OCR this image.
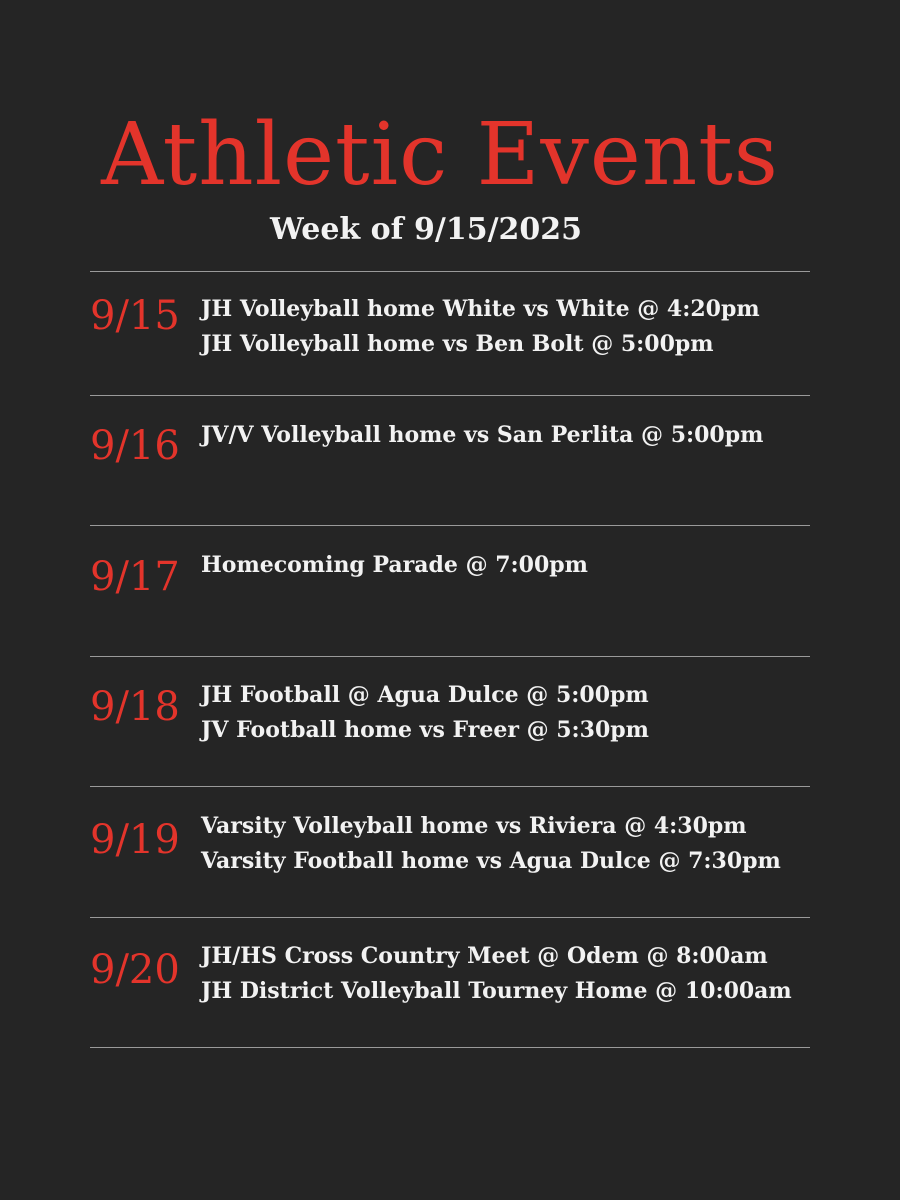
Athletic Events
Week of 9/15/2025
9/15 JH Volleyball home White vs White @ 4:20pm
JH Volleyball home vs Ben Bolt @ 5:00pm
9/16 JV/V Volleyball home vs San Perlita @ 5:00pm
9/17 Homecoming Parade @ 7:00pm
9/18 JH Football @ Agua Dulce @ 5:00pm
JV Football home vs Freer @ 5:30pm
9/19 Varsity Volleyball home vs Riviera @ 4:30pm
Varsity Football home vs Agua Dulce @ 7:30pm
9/20 JH/HS Cross Country Meet @ Odem @ 8:00am
JH District Volleyball Tourney Home @ 10:00am
